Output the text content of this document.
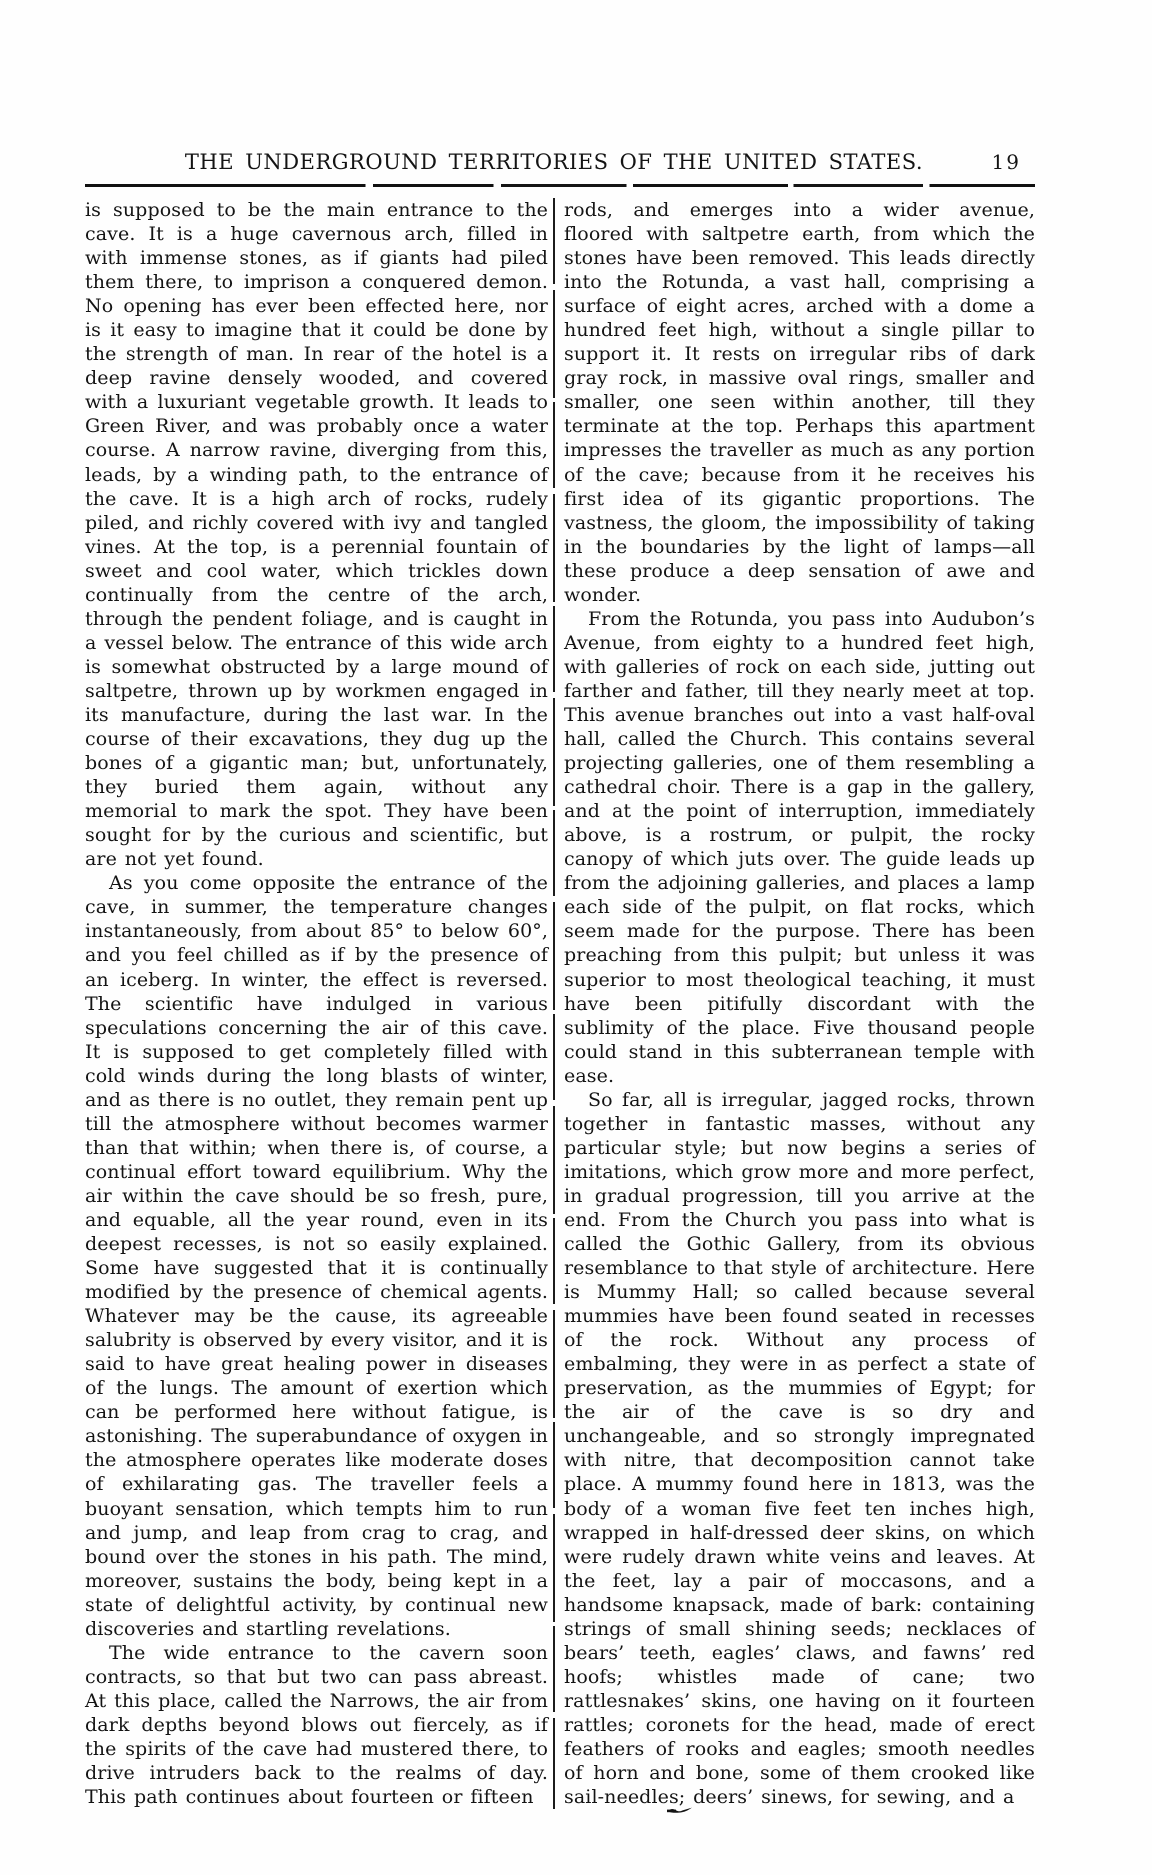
THE UNDERGROUND TERRITORIES OF THE UNITED STATES.	19

is supposed to be the main entrance to the cave. It is a huge cavernous arch, filled in with immense stones, as if giants had piled them there, to imprison a conquered demon. No opening has ever been effected here, nor is it easy to imagine that it could be done by the strength of man. In rear of the hotel is a deep ravine densely wooded, and covered with a luxuriant vegetable growth. It leads to Green River, and was probably once a water course. A narrow ravine, diverging from this, leads, by a winding path, to the entrance of the cave. It is a high arch of rocks, rudely piled, and richly covered with ivy and tangled vines. At the top, is a perennial fountain of sweet and cool water, which trickles down continually from the centre of the arch, through the pendent foliage, and is caught in a vessel below. The entrance of this wide arch is somewhat obstructed by a large mound of saltpetre, thrown up by workmen engaged in its manufacture, during the last war. In the course of their excavations, they dug up the bones of a gigantic man; but, unfortunately, they buried them again, without any memorial to mark the spot. They have been sought for by the curious and scientific, but are not yet found.

As you come opposite the entrance of the cave, in summer, the temperature changes instantaneously, from about 85° to below 60°, and you feel chilled as if by the presence of an iceberg. In winter, the effect is reversed. The scientific have indulged in various speculations concerning the air of this cave. It is supposed to get completely filled with cold winds during the long blasts of winter, and as there is no outlet, they remain pent up till the atmosphere without becomes warmer than that within; when there is, of course, a continual effort toward equilibrium. Why the air within the cave should be so fresh, pure, and equable, all the year round, even in its deepest recesses, is not so easily explained. Some have suggested that it is continually modified by the presence of chemical agents. Whatever may be the cause, its agreeable salubrity is observed by every visitor, and it is said to have great healing power in diseases of the lungs. The amount of exertion which can be performed here without fatigue, is astonishing. The superabundance of oxygen in the atmosphere operates like moderate doses of exhilarating gas. The traveller feels a buoyant sensation, which tempts him to run and jump, and leap from crag to crag, and bound over the stones in his path. The mind, moreover, sustains the body, being kept in a state of delightful activity, by continual new discoveries and startling revelations.

The wide entrance to the cavern soon contracts, so that but two can pass abreast. At this place, called the Narrows, the air from dark depths beyond blows out fiercely, as if the spirits of the cave had mustered there, to drive intruders back to the realms of day. This path continues about fourteen or fifteen

rods, and emerges into a wider avenue, floored with saltpetre earth, from which the stones have been removed. This leads directly into the Rotunda, a vast hall, comprising a surface of eight acres, arched with a dome a hundred feet high, without a single pillar to support it. It rests on irregular ribs of dark gray rock, in massive oval rings, smaller and smaller, one seen within another, till they terminate at the top. Perhaps this apartment impresses the traveller as much as any portion of the cave; because from it he receives his first idea of its gigantic proportions. The vastness, the gloom, the impossibility of taking in the boundaries by the light of lamps—all these produce a deep sensation of awe and wonder.

From the Rotunda, you pass into Audubon’s Avenue, from eighty to a hundred feet high, with galleries of rock on each side, jutting out farther and father, till they nearly meet at top. This avenue branches out into a vast half-oval hall, called the Church. This contains several projecting galleries, one of them resembling a cathedral choir. There is a gap in the gallery, and at the point of interruption, immediately above, is a rostrum, or pulpit, the rocky canopy of which juts over. The guide leads up from the adjoining galleries, and places a lamp each side of the pulpit, on flat rocks, which seem made for the purpose. There has been preaching from this pulpit; but unless it was superior to most theological teaching, it must have been pitifully discordant with the sublimity of the place. Five thousand people could stand in this subterranean temple with ease.

So far, all is irregular, jagged rocks, thrown together in fantastic masses, without any particular style; but now begins a series of imitations, which grow more and more perfect, in gradual progression, till you arrive at the end. From the Church you pass into what is called the Gothic Gallery, from its obvious resemblance to that style of architecture. Here is Mummy Hall; so called because several mummies have been found seated in recesses of the rock. Without any process of embalming, they were in as perfect a state of preservation, as the mummies of Egypt; for the air of the cave is so dry and unchangeable, and so strongly impregnated with nitre, that decomposition cannot take place. A mummy found here in 1813, was the body of a woman five feet ten inches high, wrapped in half-dressed deer skins, on which were rudely drawn white veins and leaves. At the feet, lay a pair of moccasons, and a handsome knapsack, made of bark: containing strings of small shining seeds; necklaces of bears’ teeth, eagles’ claws, and fawns’ red hoofs; whistles made of cane; two rattlesnakes’ skins, one having on it fourteen rattles; coronets for the head, made of erect feathers of rooks and eagles; smooth needles of horn and bone, some of them crooked like sail-needles; deers’ sinews, for sewing, and a
